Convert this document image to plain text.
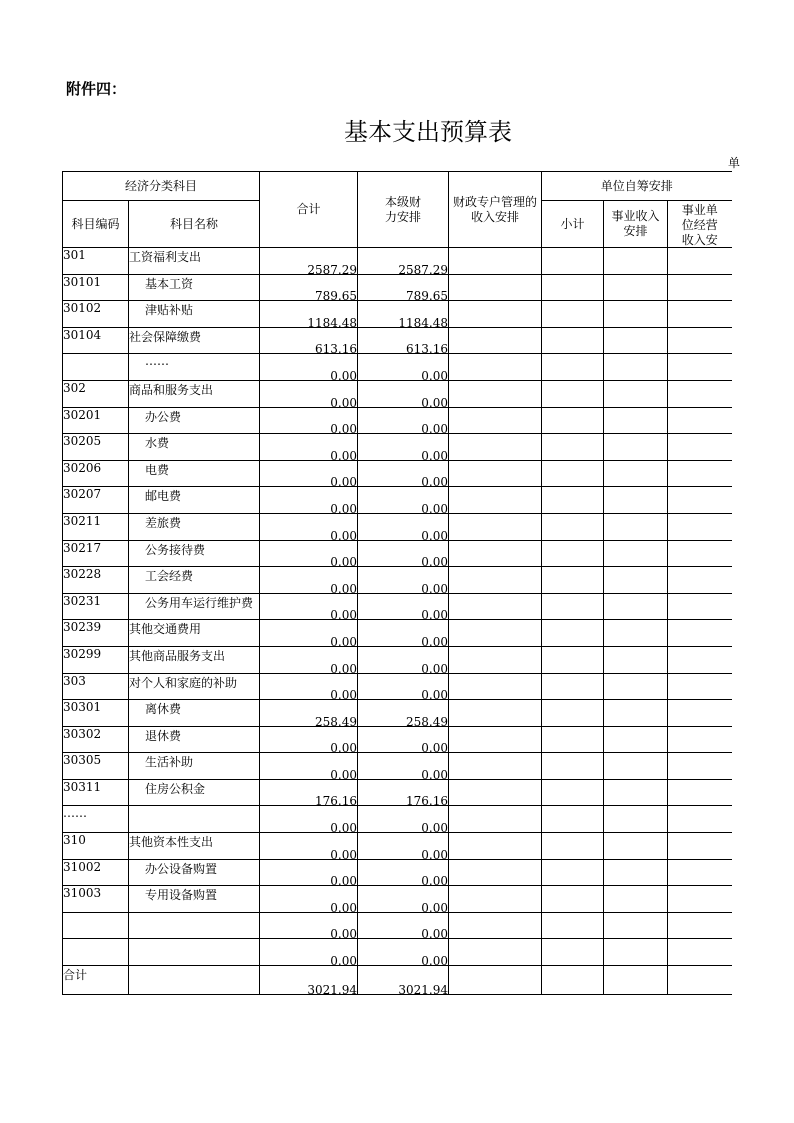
附件四：
基本支出预算表
单
经济分类科目		合计	本级财力安排	财政专户管理的收入安排	单位自筹安排		
科目编码	科目名称				小计	事业收入安排	事业单位经营收入安

301	工资福利支出	2587.29	2587.29				
30101	基本工资	789.65	789.65				
30102	津贴补贴	1184.48	1184.48				
30104	社会保障缴费	613.16	613.16				
	……	0.00	0.00				
302	商品和服务支出	0.00	0.00				
30201	办公费	0.00	0.00				
30205	水费	0.00	0.00				
30206	电费	0.00	0.00				
30207	邮电费	0.00	0.00				
30211	差旅费	0.00	0.00				
30217	公务接待费	0.00	0.00				
30228	工会经费	0.00	0.00				
30231	公务用车运行维护费	0.00	0.00				
30239	其他交通费用	0.00	0.00				
30299	其他商品服务支出	0.00	0.00				
303	对个人和家庭的补助	0.00	0.00				
30301	离休费	258.49	258.49				
30302	退休费	0.00	0.00				
30305	生活补助	0.00	0.00				
30311	住房公积金	176.16	176.16				
……		0.00	0.00				
310	其他资本性支出	0.00	0.00				
31002	办公设备购置	0.00	0.00				
31003	专用设备购置	0.00	0.00				
		0.00	0.00				
		0.00	0.00				
合计		3021.94	3021.94				
